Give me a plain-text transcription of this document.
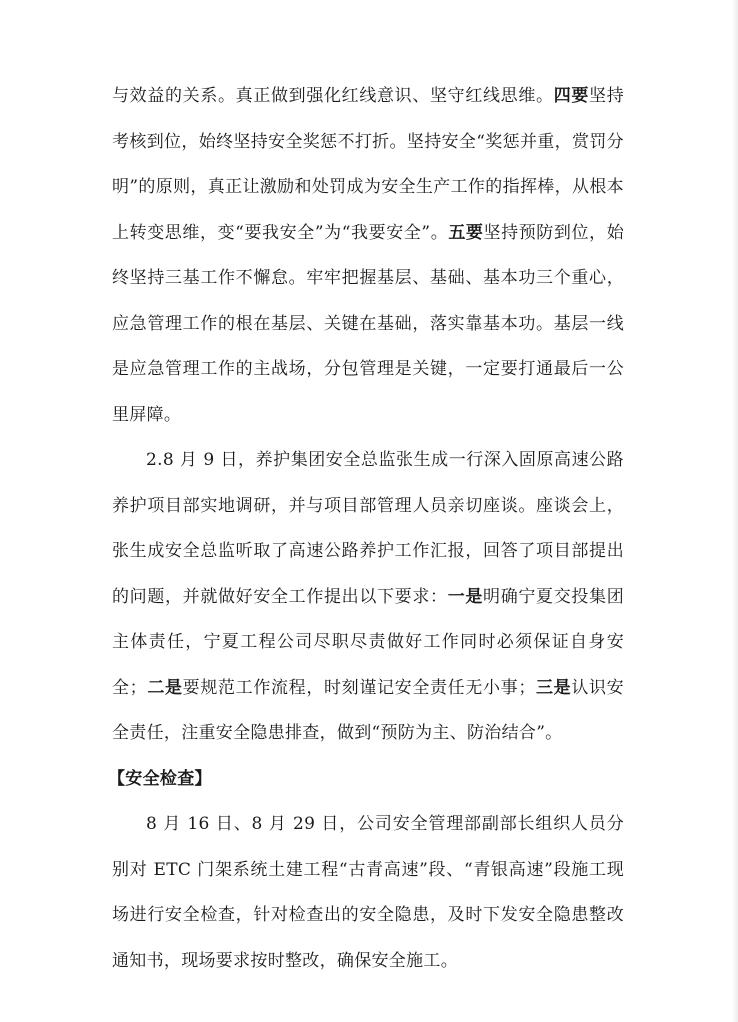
与效益的关系。真正做到强化红线意识、坚守红线思维。四要坚持考核到位，始终坚持安全奖惩不打折。坚持安全“奖惩并重，赏罚分明”的原则，真正让激励和处罚成为安全生产工作的指挥棒，从根本上转变思维，变“要我安全”为“我要安全”。五要坚持预防到位，始终坚持三基工作不懈怠。牢牢把握基层、基础、基本功三个重心，应急管理工作的根在基层、关键在基础，落实靠基本功。基层一线是应急管理工作的主战场，分包管理是关键，一定要打通最后一公里屏障。

2.8 月 9 日，养护集团安全总监张生成一行深入固原高速公路养护项目部实地调研，并与项目部管理人员亲切座谈。座谈会上，张生成安全总监听取了高速公路养护工作汇报，回答了项目部提出的问题，并就做好安全工作提出以下要求：一是明确宁夏交投集团主体责任，宁夏工程公司尽职尽责做好工作同时必须保证自身安全；二是要规范工作流程，时刻谨记安全责任无小事；三是认识安全责任，注重安全隐患排查，做到“预防为主、防治结合”。

【安全检查】

8 月 16 日、8 月 29 日，公司安全管理部副部长组织人员分别对 ETC 门架系统土建工程“古青高速”段、“青银高速”段施工现场进行安全检查，针对检查出的安全隐患，及时下发安全隐患整改通知书，现场要求按时整改，确保安全施工。
